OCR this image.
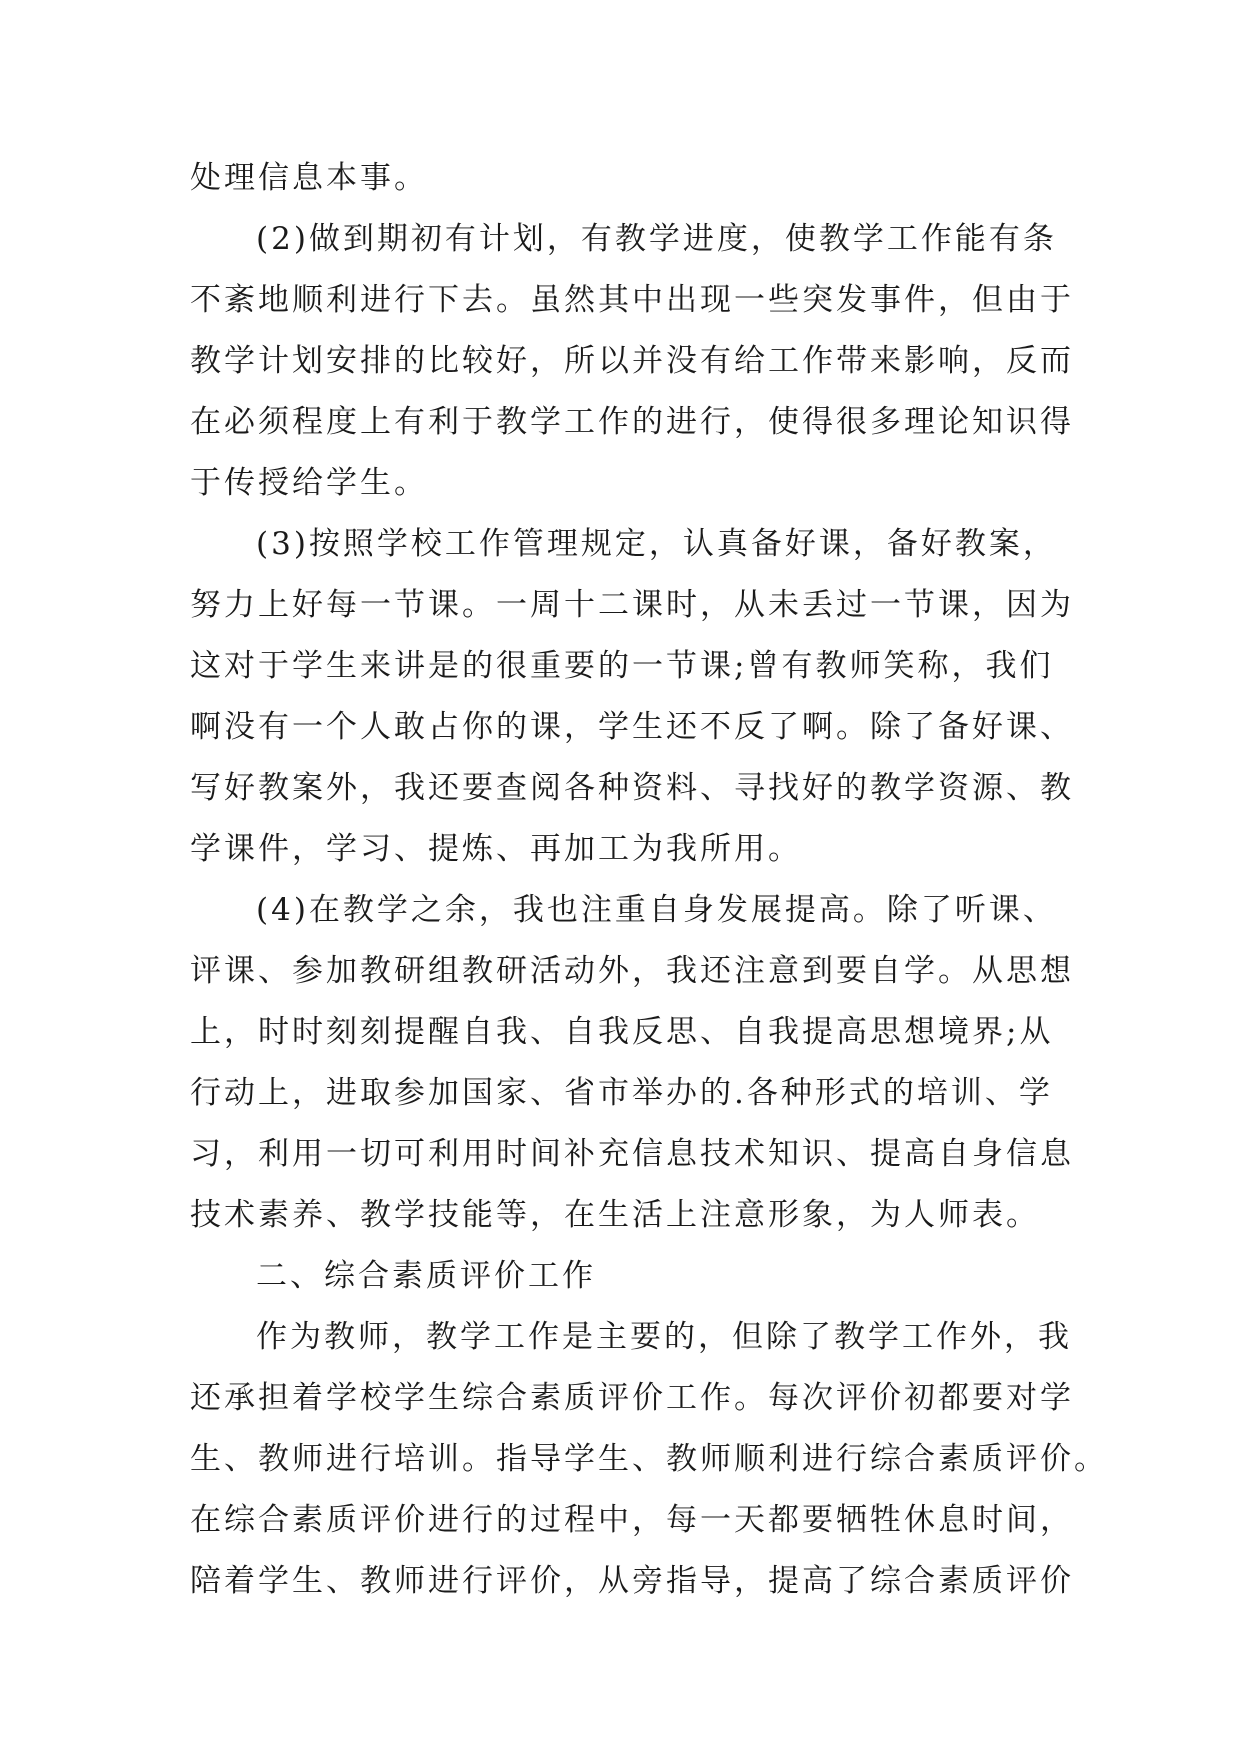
处理信息本事。
(2)做到期初有计划，有教学进度，使教学工作能有条
不紊地顺利进行下去。虽然其中出现一些突发事件，但由于
教学计划安排的比较好，所以并没有给工作带来影响，反而
在必须程度上有利于教学工作的进行，使得很多理论知识得
于传授给学生。
(3)按照学校工作管理规定，认真备好课，备好教案，
努力上好每一节课。一周十二课时，从未丢过一节课，因为
这对于学生来讲是的很重要的一节课;曾有教师笑称，我们
啊没有一个人敢占你的课，学生还不反了啊。除了备好课、
写好教案外，我还要查阅各种资料、寻找好的教学资源、教
学课件，学习、提炼、再加工为我所用。
(4)在教学之余，我也注重自身发展提高。除了听课、
评课、参加教研组教研活动外，我还注意到要自学。从思想
上，时时刻刻提醒自我、自我反思、自我提高思想境界;从
行动上，进取参加国家、省市举办的.各种形式的培训、学
习，利用一切可利用时间补充信息技术知识、提高自身信息
技术素养、教学技能等，在生活上注意形象，为人师表。
二、综合素质评价工作
作为教师，教学工作是主要的，但除了教学工作外，我
还承担着学校学生综合素质评价工作。每次评价初都要对学
生、教师进行培训。指导学生、教师顺利进行综合素质评价。
在综合素质评价进行的过程中，每一天都要牺牲休息时间，
陪着学生、教师进行评价，从旁指导，提高了综合素质评价
